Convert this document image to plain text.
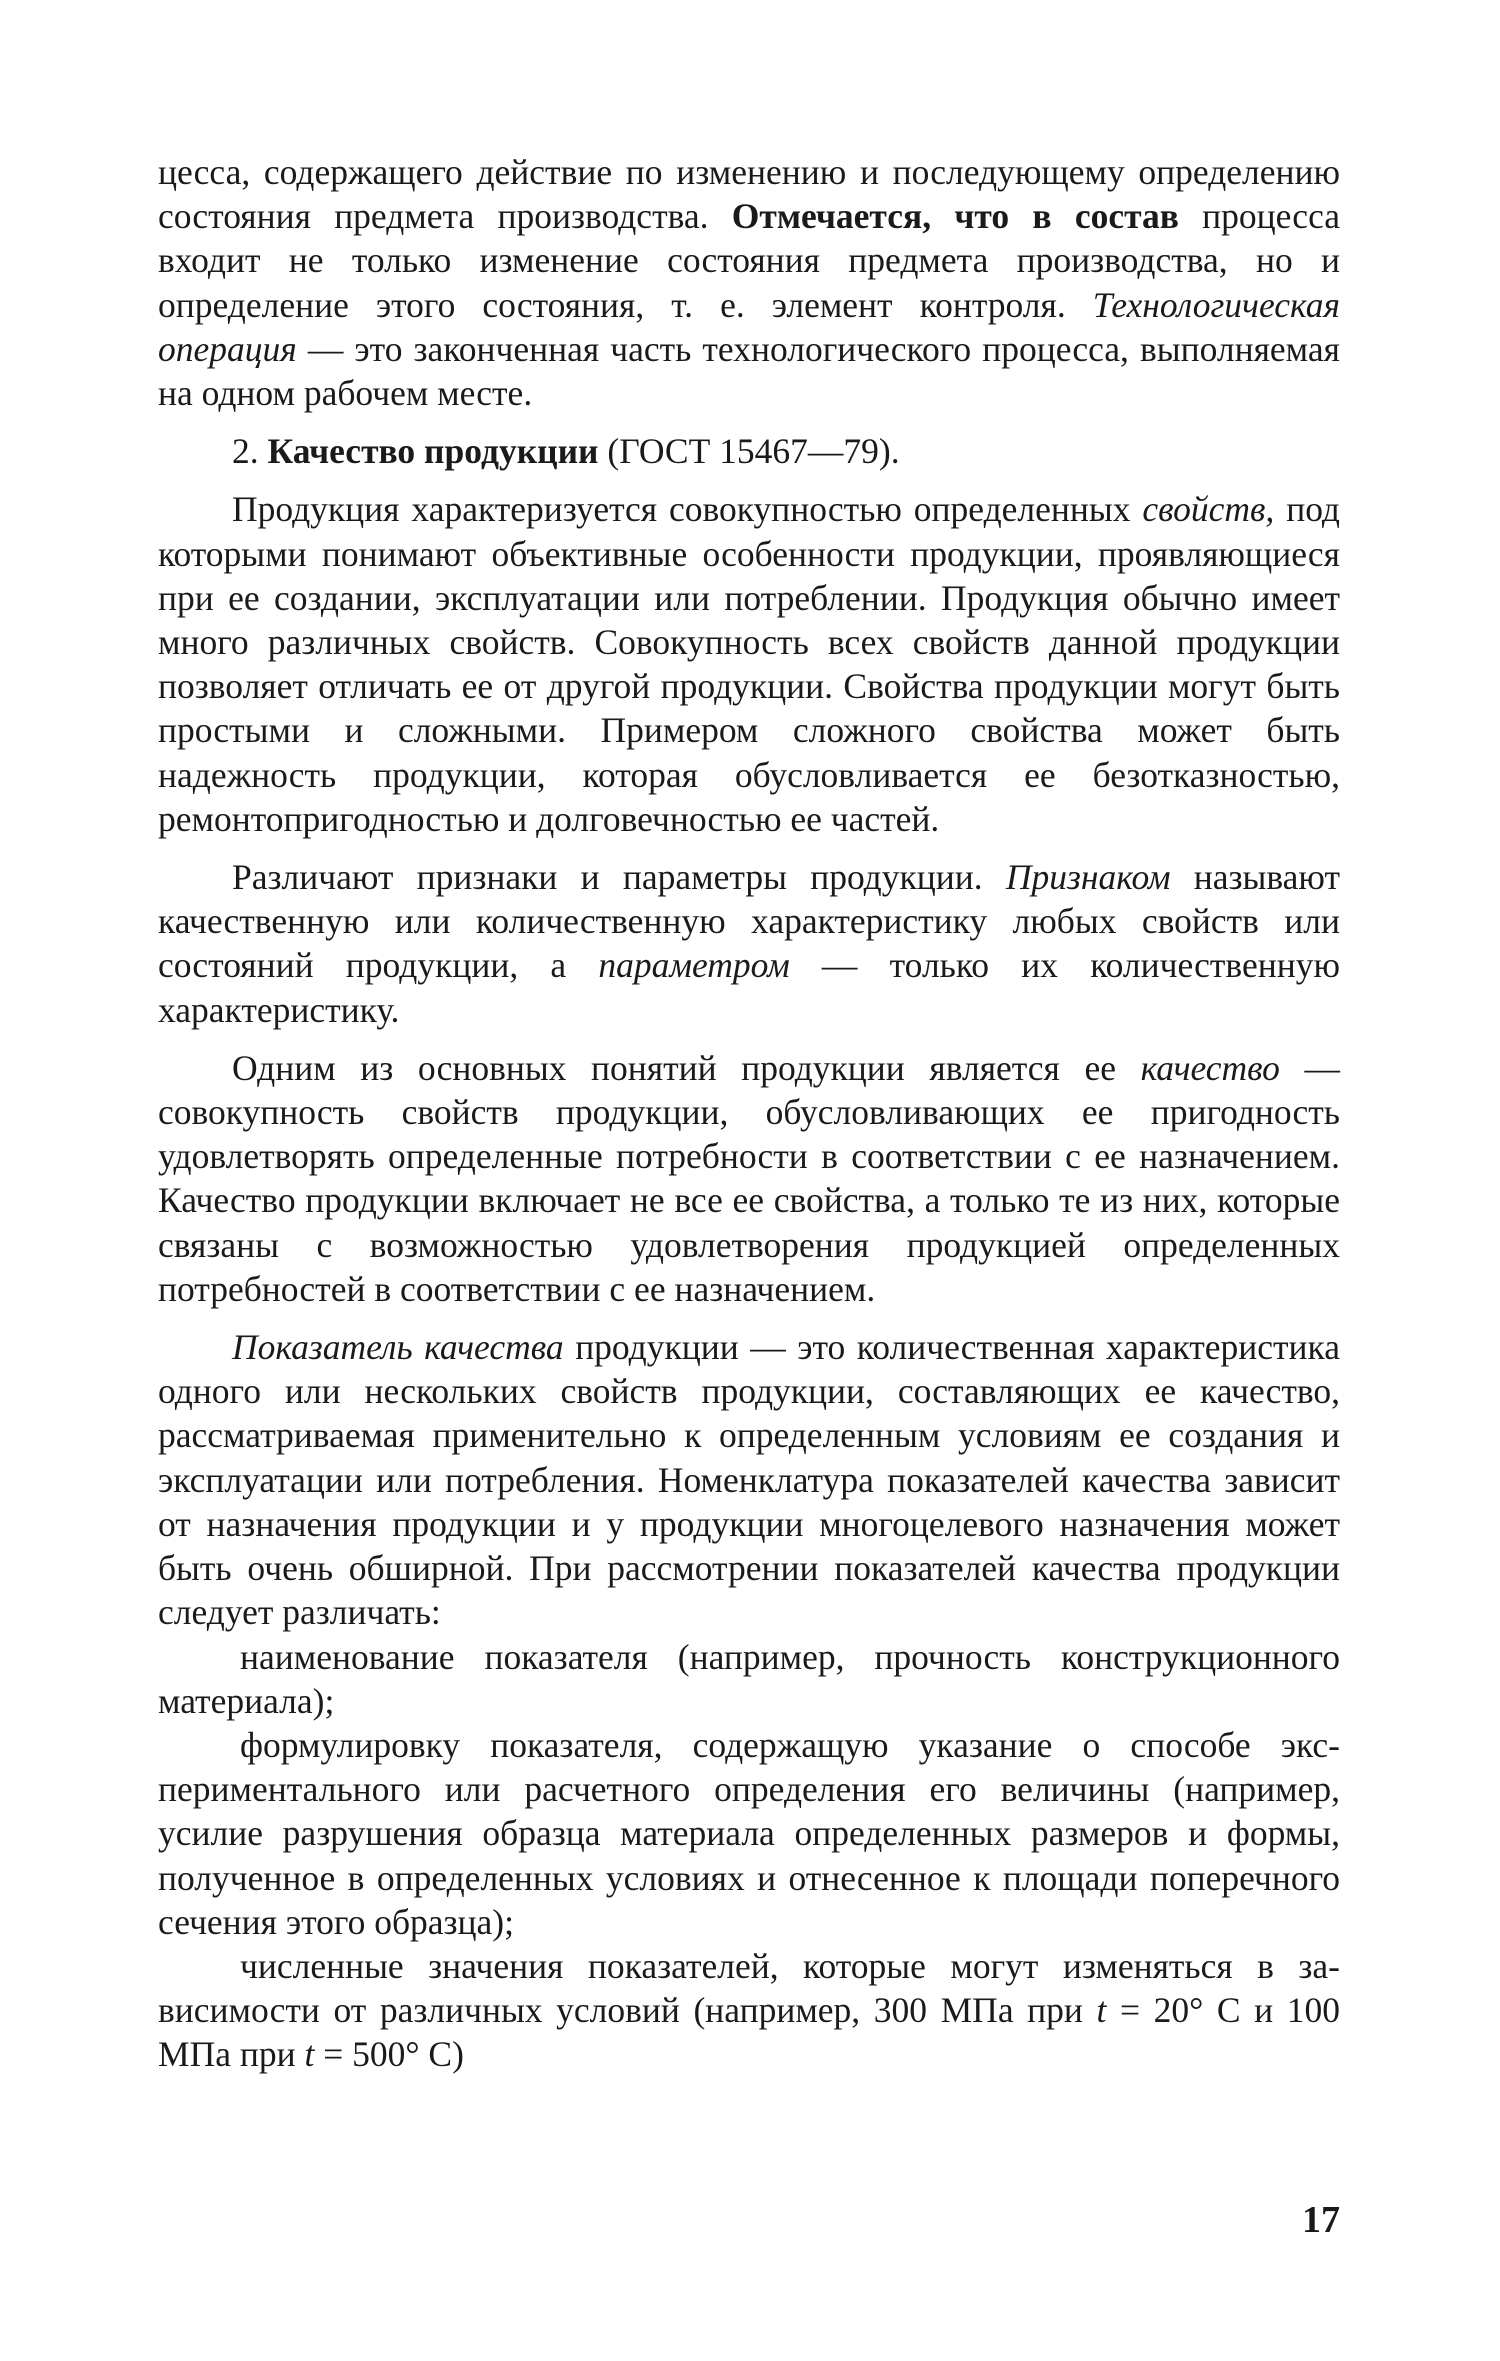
цесса, содержащего действие по изменению и последующему определению состояния предмета производства. Отмечается, что в состав процесса входит не только изменение состояния предмета производства, но и определение этого состояния, т. е. элемент контроля. Технологическая операция — это законченная часть технологического процесса, выполняемая на одном рабочем месте.

2. Качество продукции (ГОСТ 15467—79).

Продукция характеризуется совокупностью определенных свойств, под которыми понимают объективные особенности продукции, проявляющиеся при ее создании, эксплуатации или потреблении. Продукция обычно имеет много различных свойств. Совокупность всех свойств данной продукции позволяет отличать ее от другой продукции. Свойства продукции могут быть простыми и сложными. Примером сложного свойства может быть надежность продукции, которая обусловливается ее безотказностью, ремонтопригодностью и долговечностью ее частей.

Различают признаки и параметры продукции. Признаком называют качественную или количественную характеристику любых свойств или состояний продукции, а параметром — только их количественную характеристику.

Одним из основных понятий продукции является ее качество — совокупность свойств продукции, обусловливающих ее пригодность удовлетворять определенные потребности в соответствии с ее назначением. Качество продукции включает не все ее свойства, а только те из них, которые связаны с возможностью удовлетворения продукцией определенных потребностей в соответствии с ее назначением.

Показатель качества продукции — это количественная характеристика одного или нескольких свойств продукции, составляющих ее качество, рассматриваемая применительно к определенным условиям ее создания и эксплуатации или потребления. Номенклатура показателей качества зависит от назначения продукции и у продукции многоцелевого назначения может быть очень обширной. При рассмотрении показателей качества продукции следует различать:

наименование показателя (например, прочность конструкционного материала);

формулировку показателя, содержащую указание о способе экспериментального или расчетного определения его величины (например, усилие разрушения образца материала определенных размеров и формы, полученное в определенных условиях и отнесенное к площади поперечного сечения этого образца);

численные значения показателей, которые могут изменяться в зависимости от различных условий (например, 300 МПа при t = 20° С и 100 МПа при t = 500° С)

17
